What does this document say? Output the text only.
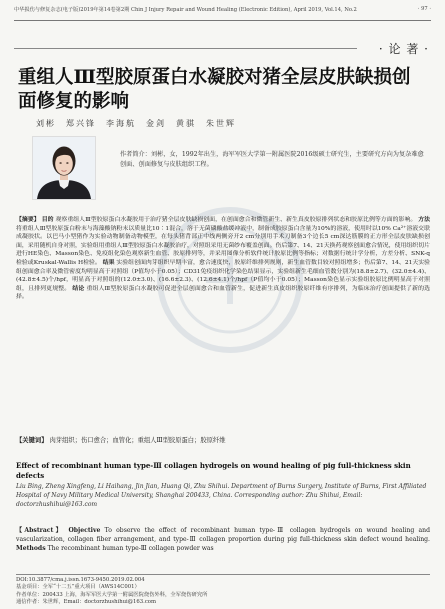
中华损伤与修复杂志(电子版)2019年第14卷第2期 Chin J Injury Repair and Wound Healing (Electronic Edition), April 2019, Vol.14, No.2	· 97 ·
· 论 著 ·
重组人Ⅲ型胶原蛋白水凝胶对猪全层皮肤缺损创面修复的影响
刘彬　郑兴锋　李海航　金剑　黄骐　朱世辉
作者简介：刘彬，女，1992年出生，海军军医大学第一附属医院2016级硕士研究生，主要研究方向为复杂难愈创面、创面修复与皮肤组织工程。
【摘要】 目的 观察重组人Ⅲ型胶原蛋白水凝胶用于治疗猪全层皮肤缺损创面，在创面愈合和微管新生、新生真皮胶原排列状态和胶原比例等方面的影响。 方法 将重组人Ⅲ型胶原蛋白粉末与海藻酸钠粉末以质量比10∶1混合，溶于无菌磷酸盐缓冲液中，制备成胶原蛋白含量为10%的溶液，使用时以10% Ca²⁺溶液交联成凝胶状。以巴马小型猪作为实验动物制备动物模型，在每头猪背部正中线两侧旁开2 cm分别用手术刀制备3个边长5 cm深达筋膜的正方形全层皮肤缺损创面，采用随机自身对照，实验组用重组人Ⅲ型胶原蛋白水凝胶治疗，对照组采用无菌纱布覆盖创面。伤后第7、14、21天换药观察创面愈合情况，使用组织切片进行HE染色、Masson染色、免疫组化染色观察新生血管、胶原排列等，并采用图像分析软件统计胶原比例等指标；对数据行统计学分析，方差分析、SNK-q检验或Kruskal-Wallis H检验。 结果 实验组创面肉芽组织早期丰富，愈合速度快，胶原纤维排列规则，新生血管数目较对照组增多；伤后第7、14、21天实验组创面愈合率及微管密度均明显高于对照组（P值均小于0.05）；CD31免疫组织化学染色结果显示，实验组新生毛细血管数分别为(18.8±2.7)、(32.0±4.4)、(42.8±4.5)个/hpf，明显高于对照组的(12.0±3.0)、(16.6±2.3)、(12.6±4.1)个/hpf（P值均小于0.05）；Masson染色显示实验组胶原比例明显高于对照组，且排列更规整。 结论 重组人Ⅲ型胶原蛋白水凝胶可促进全层创面愈合和血管新生，促进新生真皮组织胶原纤维有序排列，为临床治疗创面提供了新的选择。
【关键词】 肉芽组织；伤口愈合；血管化；重组人Ⅲ型胶原蛋白；胶原纤维
Effect of recombinant human type-Ⅲ collagen hydrogels on wound healing of pig full-thickness skin defects
Liu Bing, Zheng Xingfeng, Li Haihang, Jin Jian, Huang Qi, Zhu Shihui. Department of Burns Surgery, Institute of Burns, First Affiliated Hospital of Navy Military Medical University, Shanghai 200433, China. Corresponding author: Zhu Shihui, Email: doctorzhushihui@163.com
【Abstract】 Objective To observe the effect of recombinant human type-Ⅲ collagen hydrogels on wound healing and vascularization, collagen fiber arrangement, and type-Ⅲ collagen proportion during pig full-thickness skin defect wound healing. Methods The recombinant human type-Ⅲ collagen powder was
DOI:10.3877/cma.j.issn.1673-9450.2019.02.004
基金项目：全军“十二五”重大项目（AWS14C001）
作者单位：200433 上海，海军军医大学第一附属医院烧伤外科，全军烧伤研究所
通信作者：朱世辉，Email：doctorzhushihui@163.com
